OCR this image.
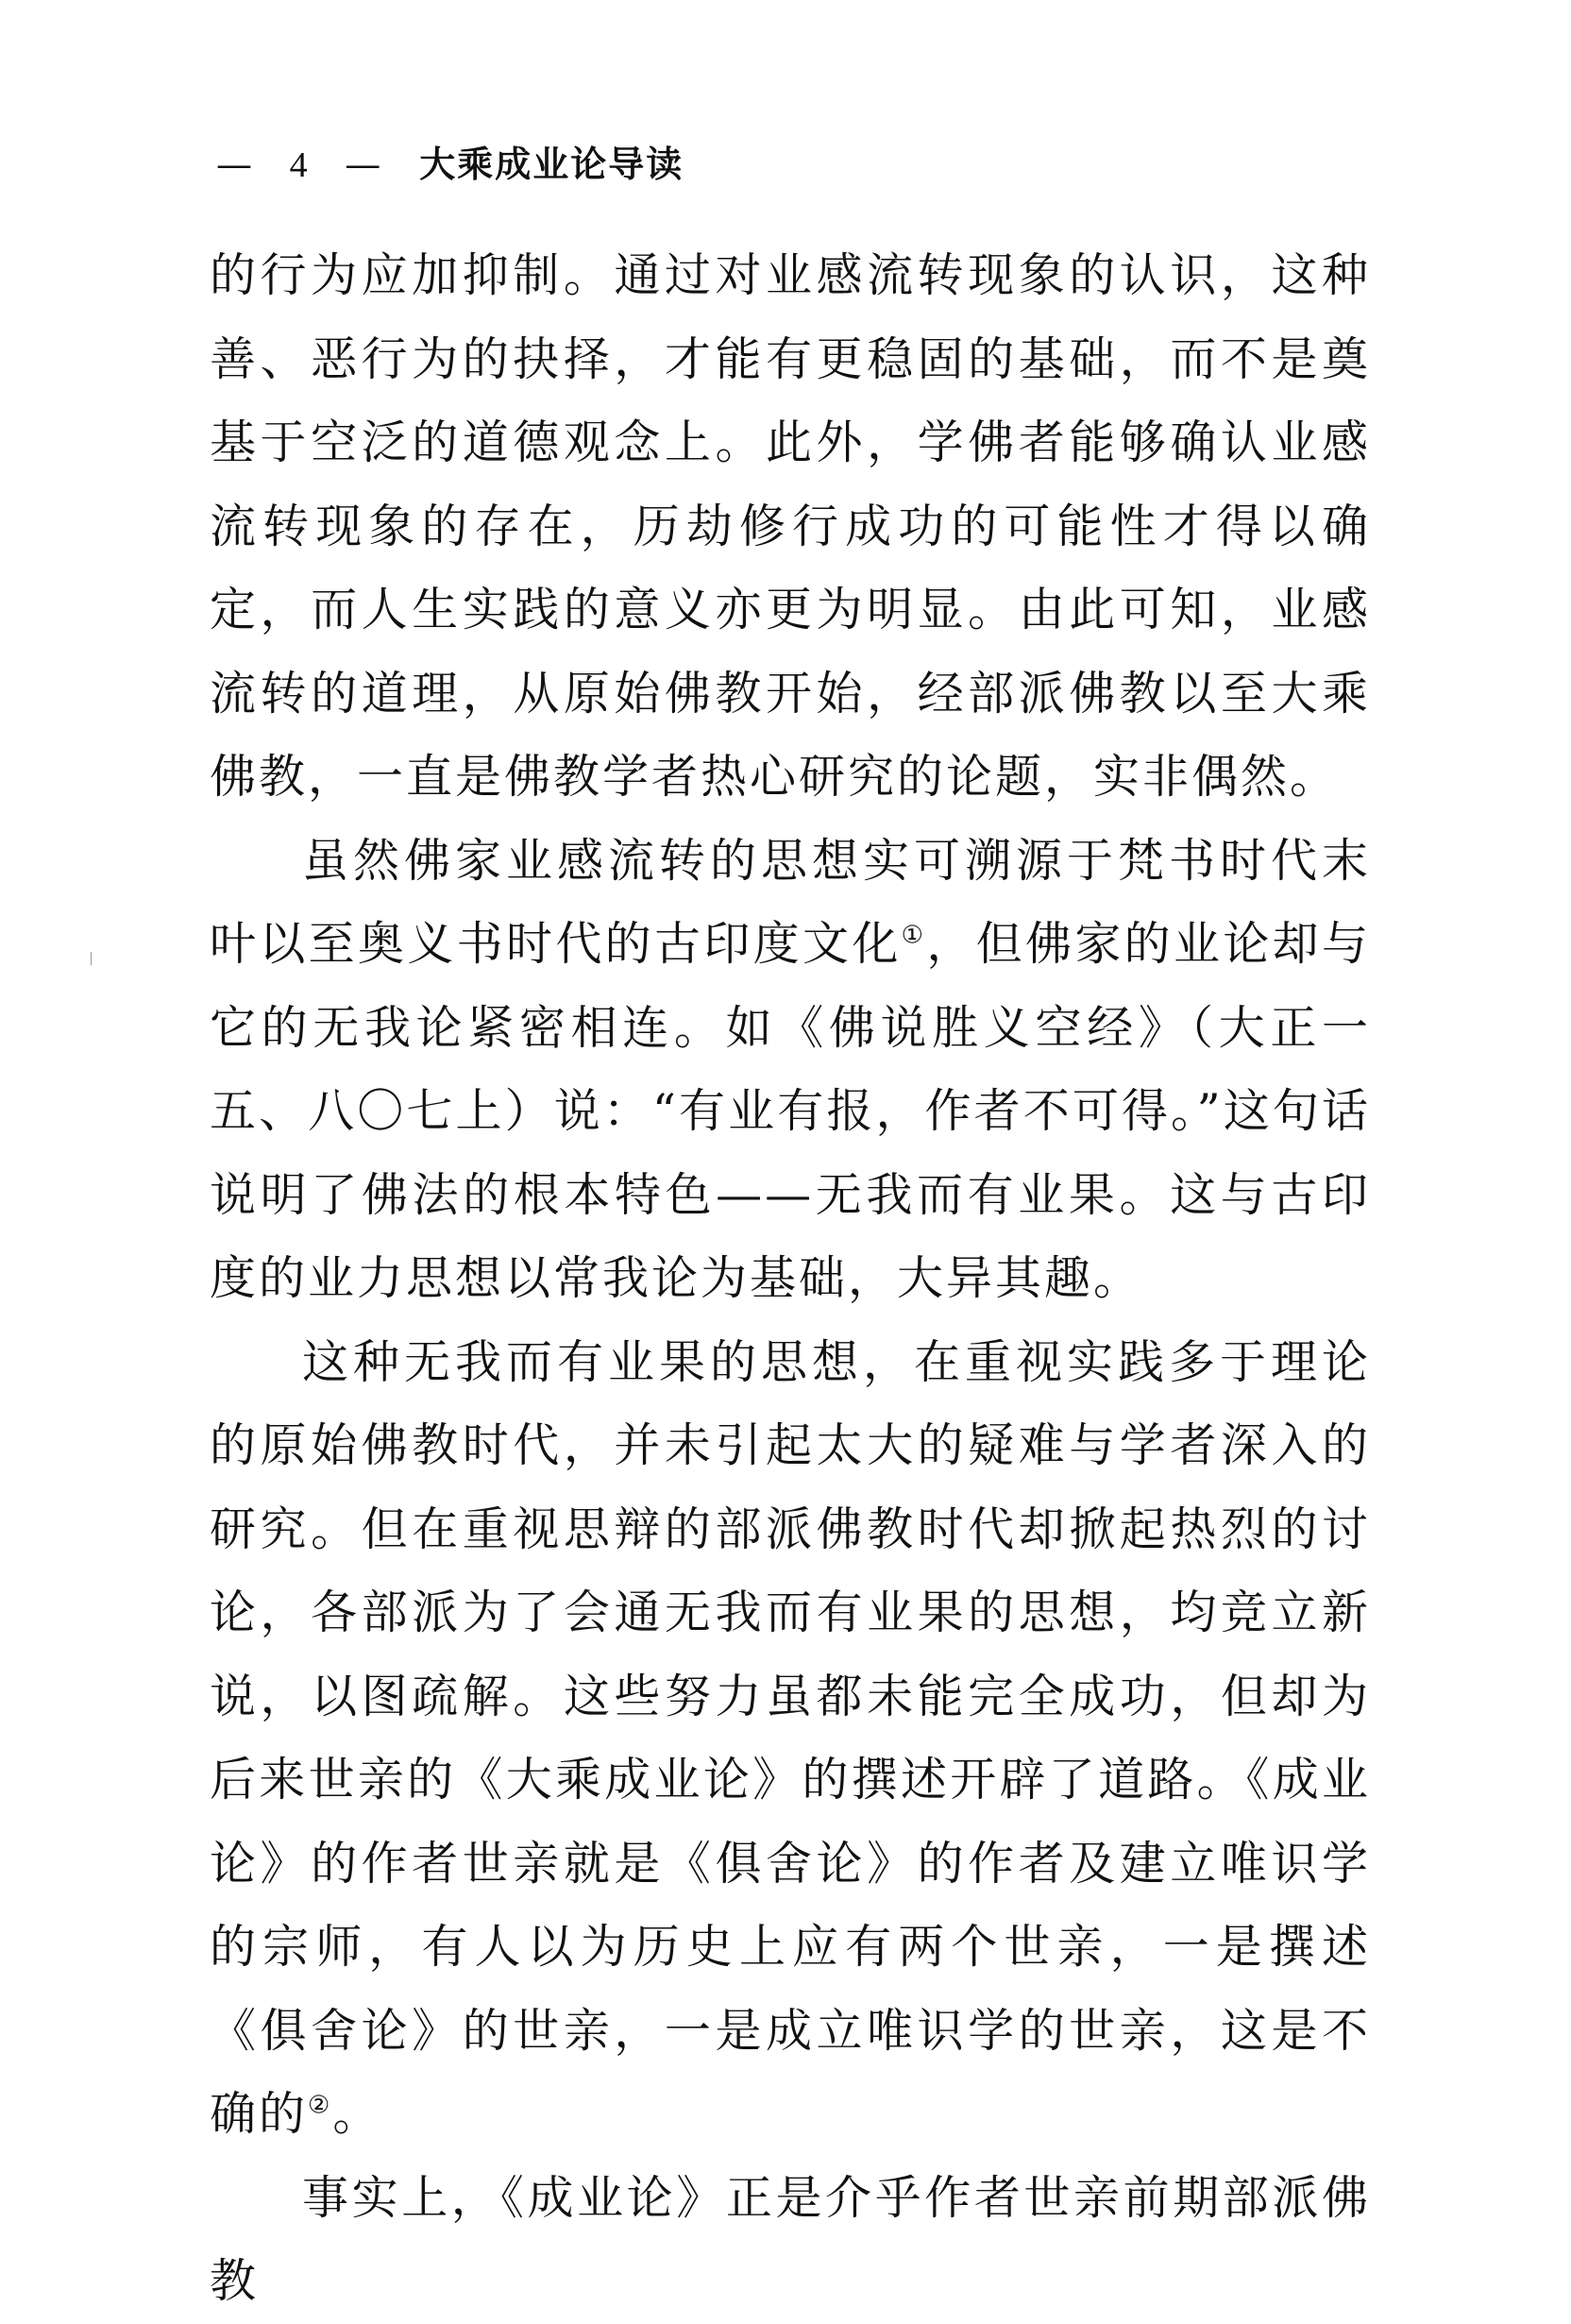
— 4 — 大乘成业论导读

的行为应加抑制。通过对业感流转现象的认识，这种善、恶行为的抉择，才能有更稳固的基础，而不是奠基于空泛的道德观念上。此外，学佛者能够确认业感流转现象的存在，历劫修行成功的可能性才得以确定，而人生实践的意义亦更为明显。由此可知，业感流转的道理，从原始佛教开始，经部派佛教以至大乘佛教，一直是佛教学者热心研究的论题，实非偶然。

虽然佛家业感流转的思想实可溯源于梵书时代末叶以至奥义书时代的古印度文化①，但佛家的业论却与它的无我论紧密相连。如《佛说胜义空经》（大正一五、八〇七上）说：“有业有报，作者不可得。”这句话说明了佛法的根本特色——无我而有业果。这与古印度的业力思想以常我论为基础，大异其趣。

这种无我而有业果的思想，在重视实践多于理论的原始佛教时代，并未引起太大的疑难与学者深入的研究。但在重视思辩的部派佛教时代却掀起热烈的讨论，各部派为了会通无我而有业果的思想，均竞立新说，以图疏解。这些努力虽都未能完全成功，但却为后来世亲的《大乘成业论》的撰述开辟了道路。《成业论》的作者世亲就是《俱舍论》的作者及建立唯识学的宗师，有人以为历史上应有两个世亲，一是撰述《俱舍论》的世亲，一是成立唯识学的世亲，这是不确的②。

事实上，《成业论》正是介乎作者世亲前期部派佛教
